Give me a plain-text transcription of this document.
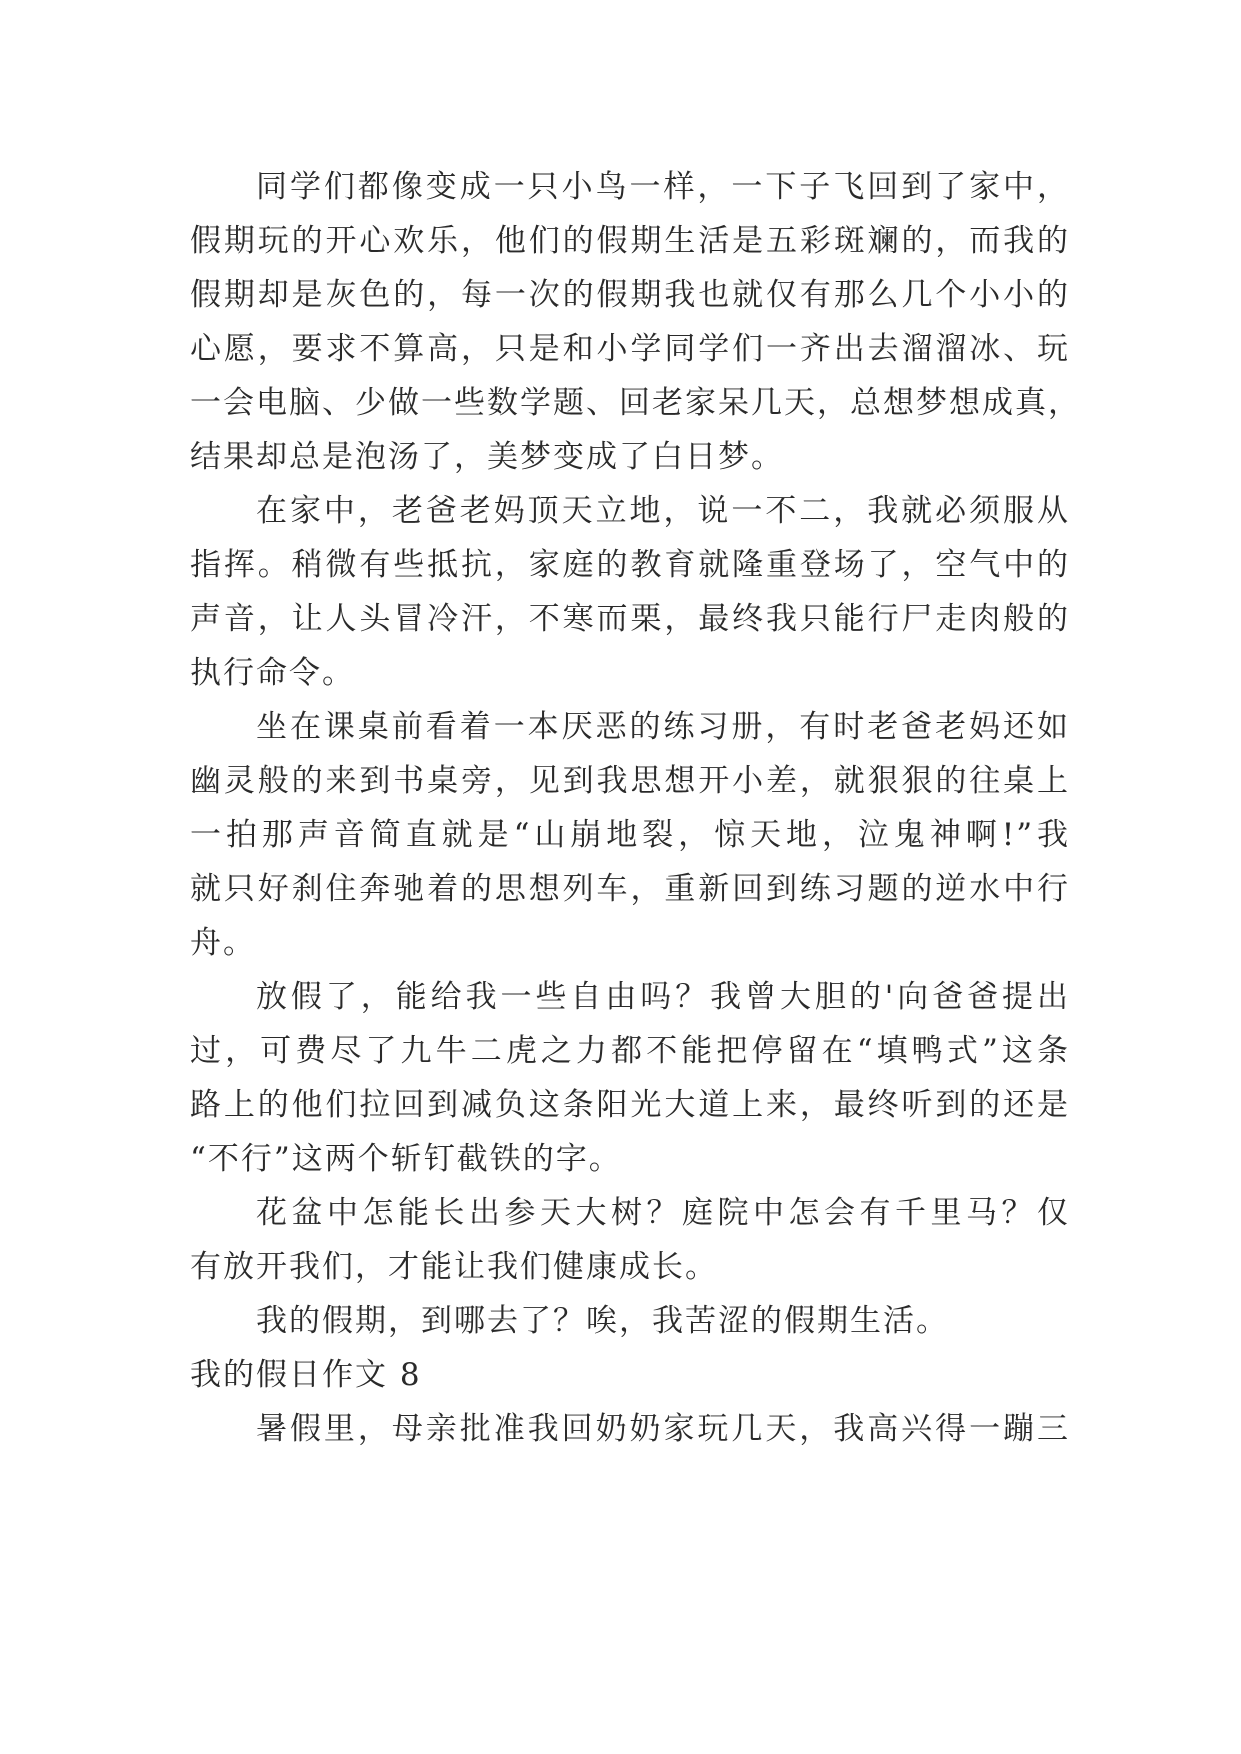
同学们都像变成一只小鸟一样，一下子飞回到了家中，
假期玩的开心欢乐，他们的假期生活是五彩斑斓的，而我的
假期却是灰色的，每一次的假期我也就仅有那么几个小小的
心愿，要求不算高，只是和小学同学们一齐出去溜溜冰、玩
一会电脑、少做一些数学题、回老家呆几天，总想梦想成真，
结果却总是泡汤了，美梦变成了白日梦。
在家中，老爸老妈顶天立地，说一不二，我就必须服从
指挥。稍微有些抵抗，家庭的教育就隆重登场了，空气中的
声音，让人头冒冷汗，不寒而栗，最终我只能行尸走肉般的
执行命令。
坐在课桌前看着一本厌恶的练习册，有时老爸老妈还如
幽灵般的来到书桌旁，见到我思想开小差，就狠狠的往桌上
一拍那声音简直就是“山崩地裂，惊天地，泣鬼神啊!”我
就只好刹住奔驰着的思想列车，重新回到练习题的逆水中行
舟。
放假了，能给我一些自由吗？我曾大胆的'向爸爸提出
过，可费尽了九牛二虎之力都不能把停留在“填鸭式”这条
路上的他们拉回到减负这条阳光大道上来，最终听到的还是
“不行”这两个斩钉截铁的字。
花盆中怎能长出参天大树？庭院中怎会有千里马？仅
有放开我们，才能让我们健康成长。
我的假期，到哪去了？唉，我苦涩的假期生活。
我的假日作文 8
暑假里，母亲批准我回奶奶家玩几天，我高兴得一蹦三
